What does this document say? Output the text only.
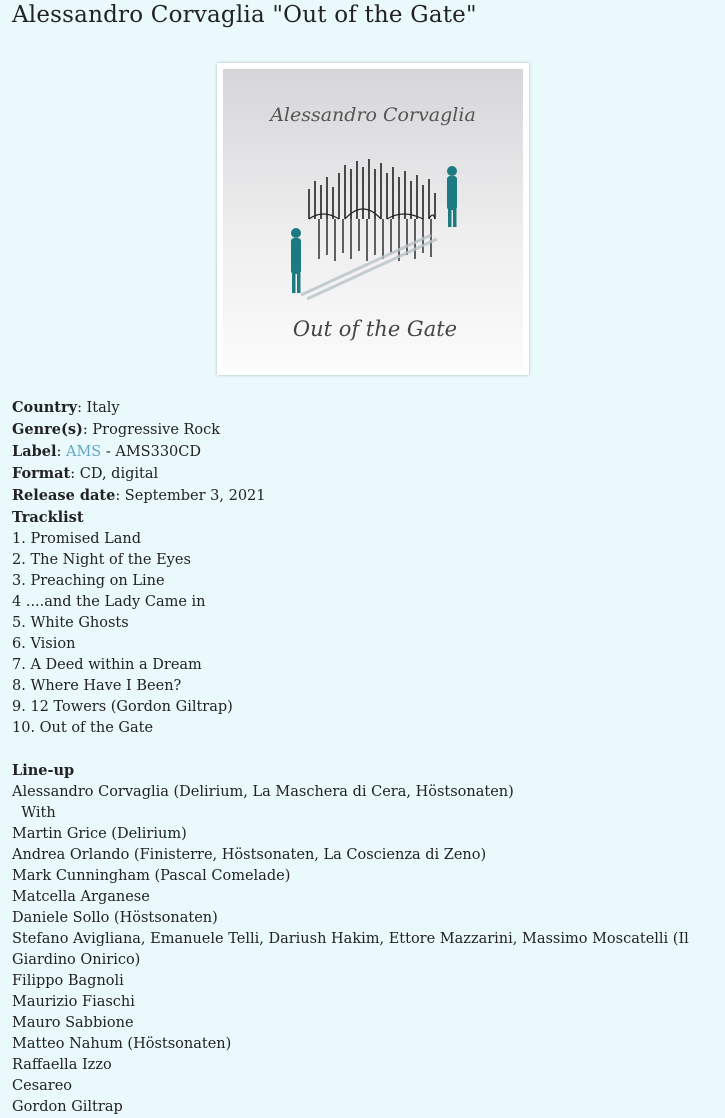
Alessandro Corvaglia "Out of the Gate"
Alessandro Corvaglia
Out of the Gate
Country: Italy
Genre(s): Progressive Rock
Label: AMS - AMS330CD
Format: CD, digital
Release date: September 3, 2021
Tracklist
1. Promised Land
2. The Night of the Eyes
3. Preaching on Line
4 ....and the Lady Came in
5. White Ghosts
6. Vision
7. A Deed within a Dream
8. Where Have I Been?
9. 12 Towers (Gordon Giltrap)
10. Out of the Gate
Line-up
Alessandro Corvaglia (Delirium, La Maschera di Cera, Höstsonaten)
With
Martin Grice (Delirium)
Andrea Orlando (Finisterre, Höstsonaten, La Coscienza di Zeno)
Mark Cunningham (Pascal Comelade)
Matcella Arganese
Daniele Sollo (Höstsonaten)
Stefano Avigliana, Emanuele Telli, Dariush Hakim, Ettore Mazzarini, Massimo Moscatelli (Il Giardino Onirico)
Filippo Bagnoli
Maurizio Fiaschi
Mauro Sabbione
Matteo Nahum (Höstsonaten)
Raffaella Izzo
Cesareo
Gordon Giltrap
